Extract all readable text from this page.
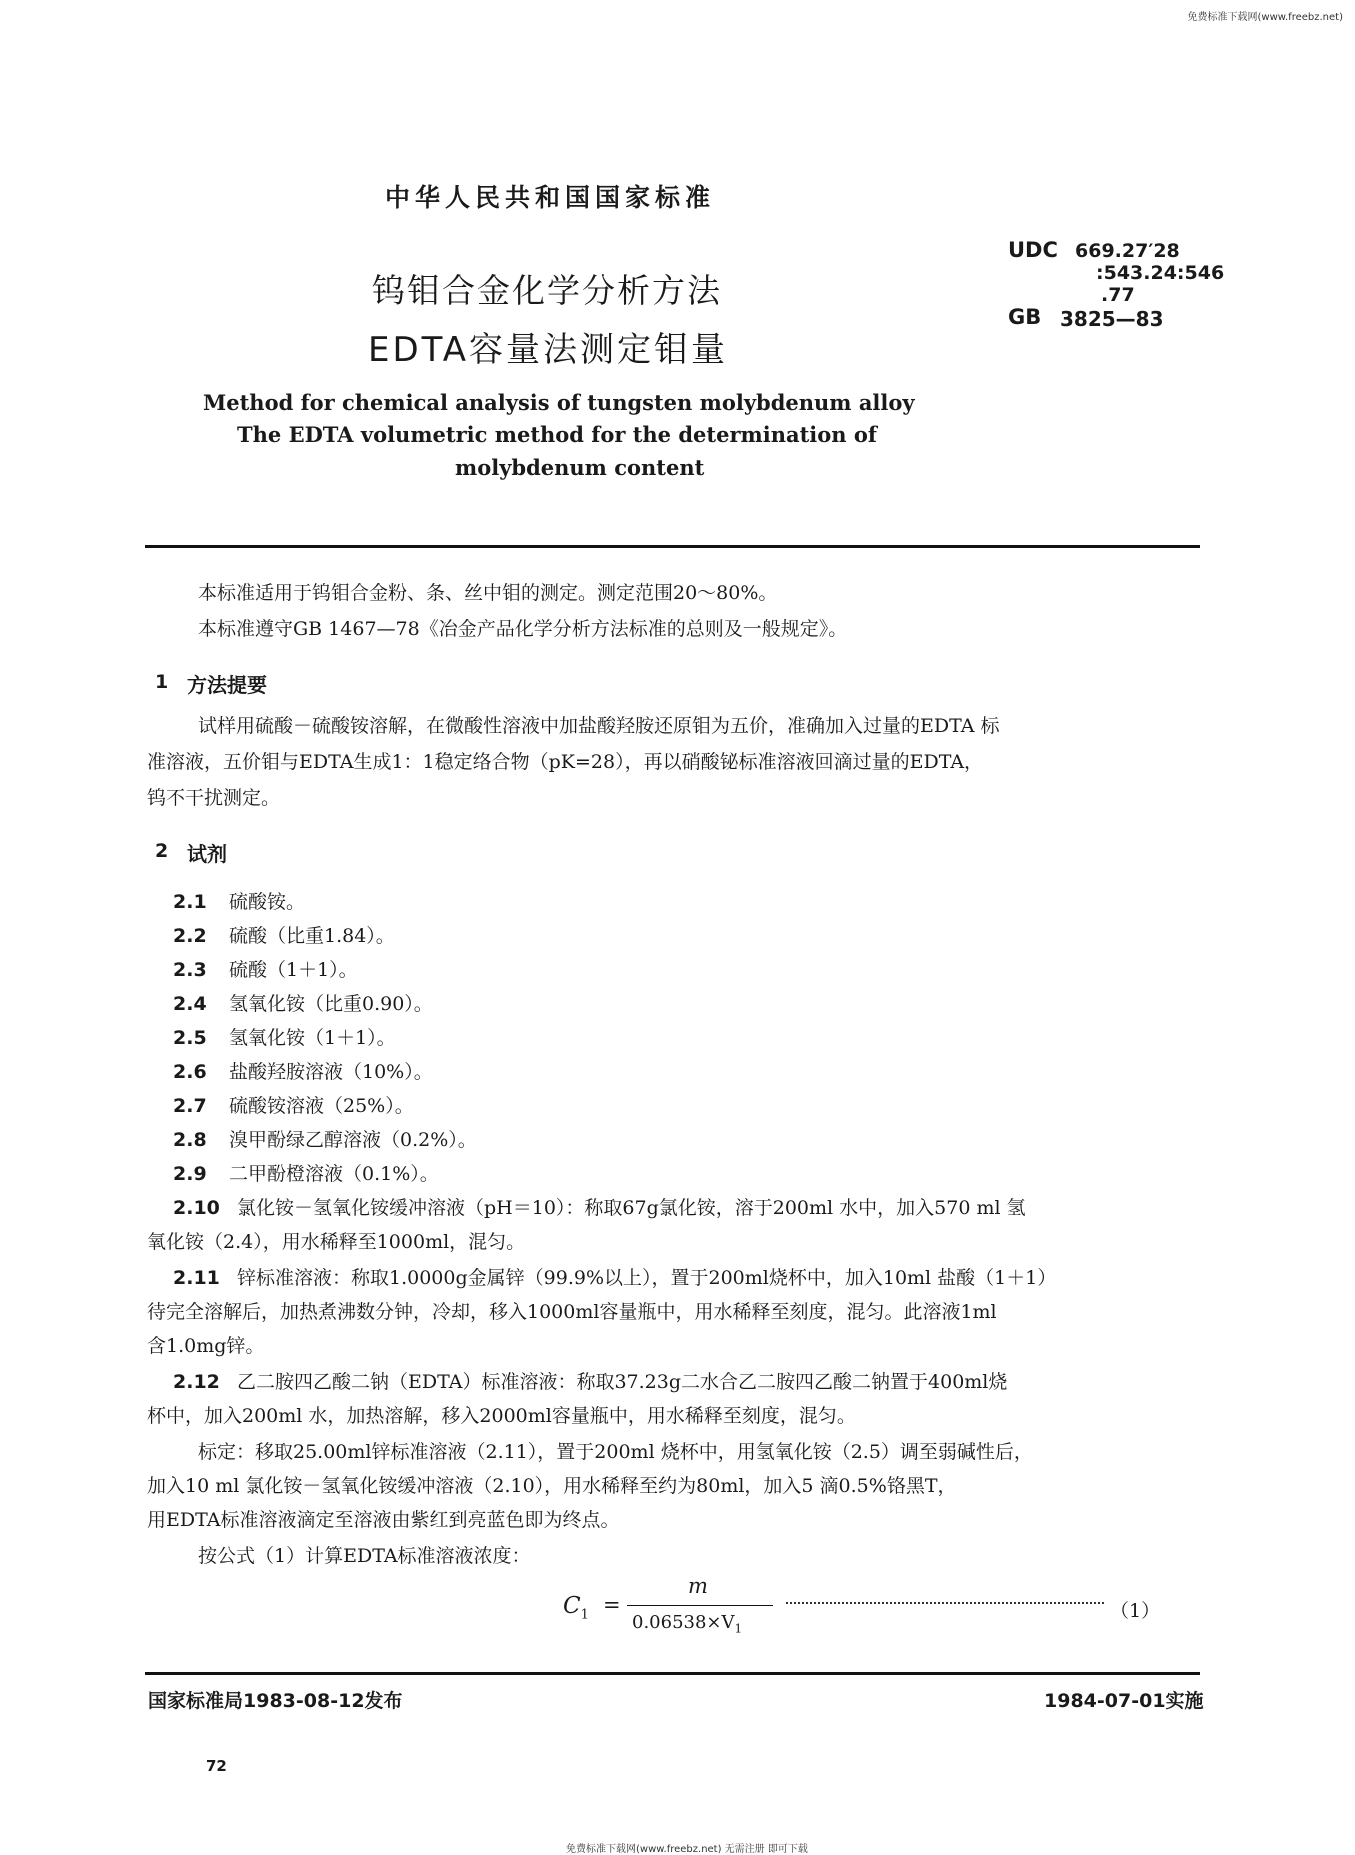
免费标准下载网(www.freebz.net)
中华人民共和国国家标准
钨钼合金化学分析方法
EDTA容量法测定钼量
UDC 669.27′28
:543.24:546
.77
GB 3825—83
Method for chemical analysis of tungsten molybdenum alloy
The EDTA volumetric method for the determination of
molybdenum content
本标准适用于钨钼合金粉、条、丝中钼的测定。测定范围20～80%。
本标准遵守GB 1467—78《冶金产品化学分析方法标准的总则及一般规定》。
1 方法提要
试样用硫酸－硫酸铵溶解，在微酸性溶液中加盐酸羟胺还原钼为五价，准确加入过量的EDTA 标
准溶液，五价钼与EDTA生成1：1稳定络合物（pK=28），再以硝酸铋标准溶液回滴过量的EDTA，
钨不干扰测定。
2 试剂
2.1 硫酸铵。
2.2 硫酸（比重1.84）。
2.3 硫酸（1＋1）。
2.4 氢氧化铵（比重0.90）。
2.5 氢氧化铵（1＋1）。
2.6 盐酸羟胺溶液（10%）。
2.7 硫酸铵溶液（25%）。
2.8 溴甲酚绿乙醇溶液（0.2%）。
2.9 二甲酚橙溶液（0.1%）。
2.10 氯化铵－氢氧化铵缓冲溶液（pH＝10）：称取67g氯化铵，溶于200ml 水中，加入570 ml 氢
氧化铵（2.4），用水稀释至1000ml，混匀。
2.11 锌标准溶液：称取1.0000g金属锌（99.9%以上），置于200ml烧杯中，加入10ml 盐酸（1＋1）
待完全溶解后，加热煮沸数分钟，冷却，移入1000ml容量瓶中，用水稀释至刻度，混匀。此溶液1ml
含1.0mg锌。
2.12 乙二胺四乙酸二钠（EDTA）标准溶液：称取37.23g二水合乙二胺四乙酸二钠置于400ml烧
杯中，加入200ml 水，加热溶解，移入2000ml容量瓶中，用水稀释至刻度，混匀。
标定：移取25.00ml锌标准溶液（2.11），置于200ml 烧杯中，用氢氧化铵（2.5）调至弱碱性后，
加入10 ml 氯化铵－氢氧化铵缓冲溶液（2.10），用水稀释至约为80ml，加入5 滴0.5%铬黑T，
用EDTA标准溶液滴定至溶液由紫红到亮蓝色即为终点。
按公式（1）计算EDTA标准溶液浓度：
$C_1$ =
m
$0.06538\times V_1$
（1）
国家标准局1983-08-12发布	1984-07-01实施
72
免费标准下载网(www.freebz.net) 无需注册 即可下载
